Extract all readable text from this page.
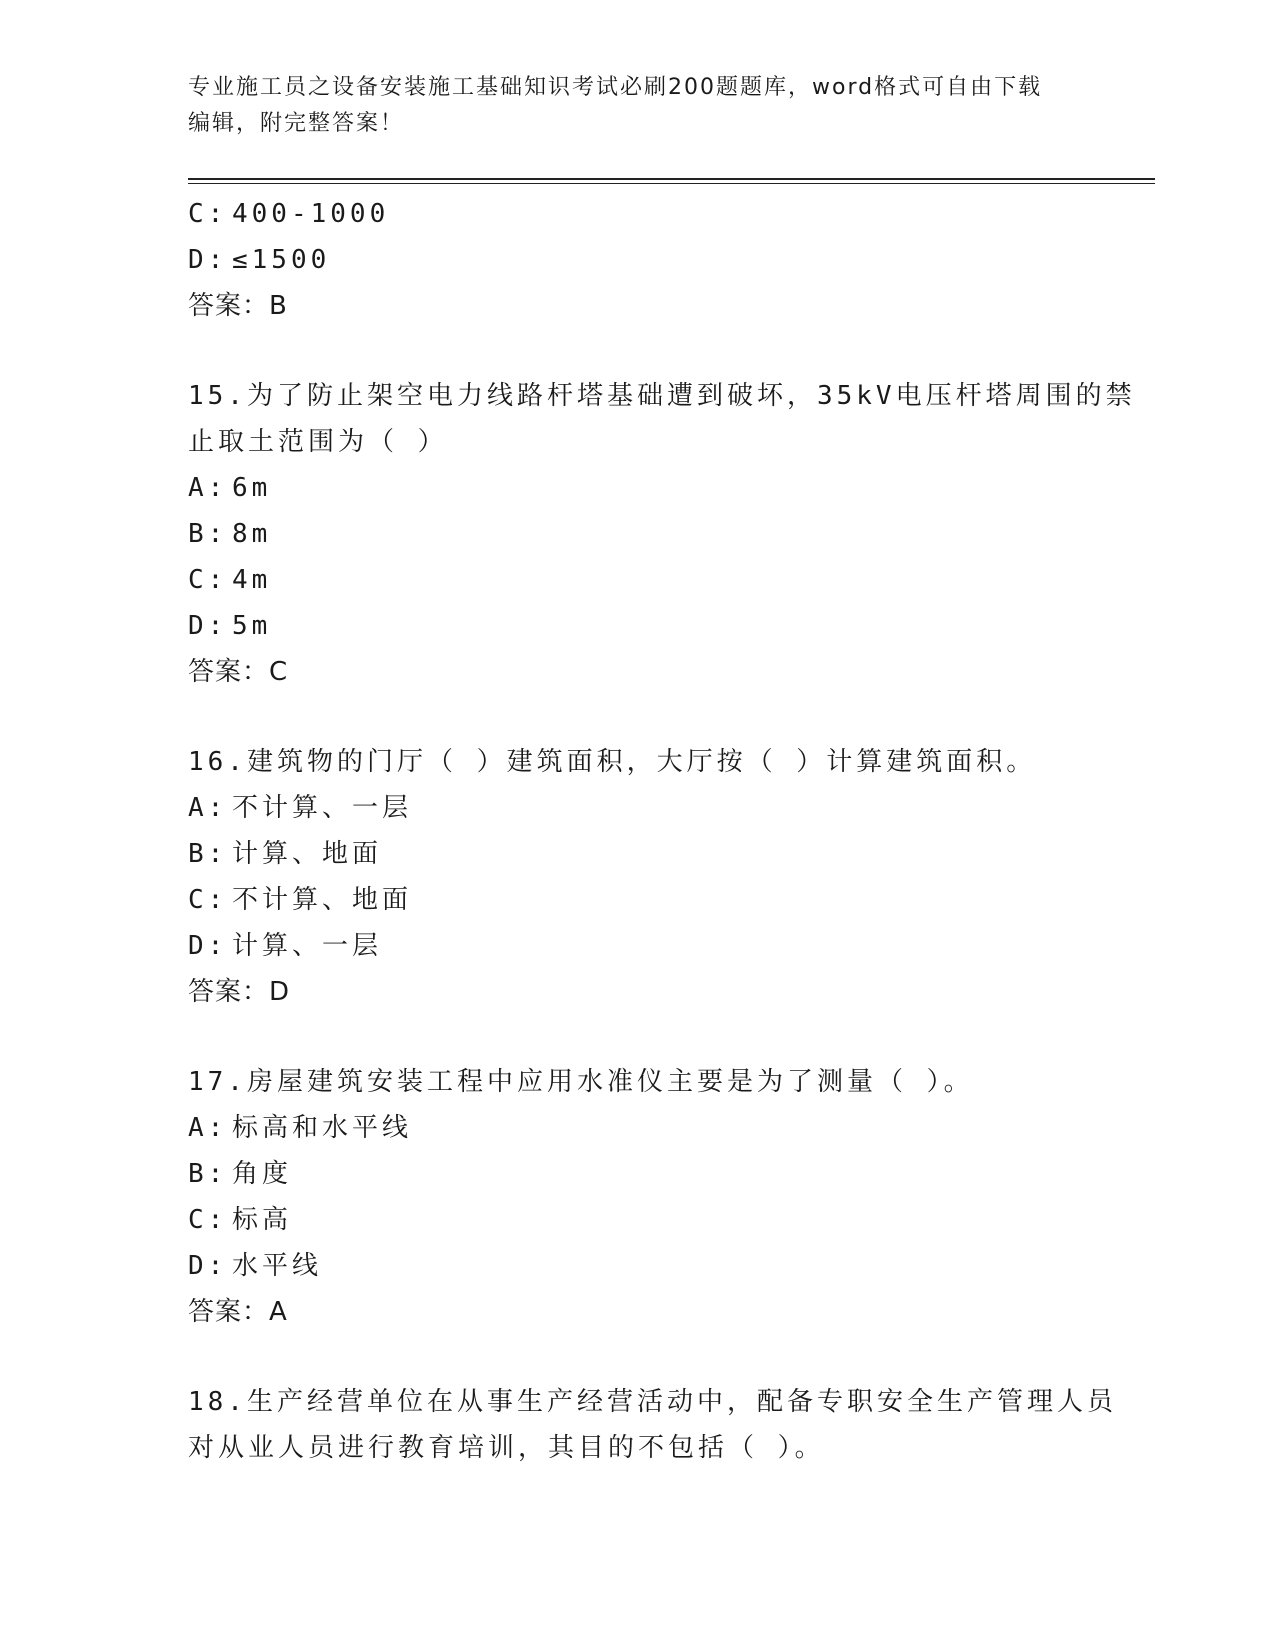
专业施工员之设备安装施工基础知识考试必刷200题题库，word格式可自由下载
编辑，附完整答案！
C: 400-1000
D: ≤1500
答案：B
15.为了防止架空电力线路杆塔基础遭到破坏，35kV电压杆塔周围的禁
止取土范围为（ ）
A: 6m
B: 8m
C: 4m
D: 5m
答案：C
16.建筑物的门厅（ ）建筑面积，大厅按（ ）计算建筑面积。
A: 不计算、一层
B: 计算、地面
C: 不计算、地面
D: 计算、一层
答案：D
17.房屋建筑安装工程中应用水准仪主要是为了测量（ ）。
A: 标高和水平线
B: 角度
C: 标高
D: 水平线
答案：A
18.生产经营单位在从事生产经营活动中，配备专职安全生产管理人员
对从业人员进行教育培训，其目的不包括（ ）。
